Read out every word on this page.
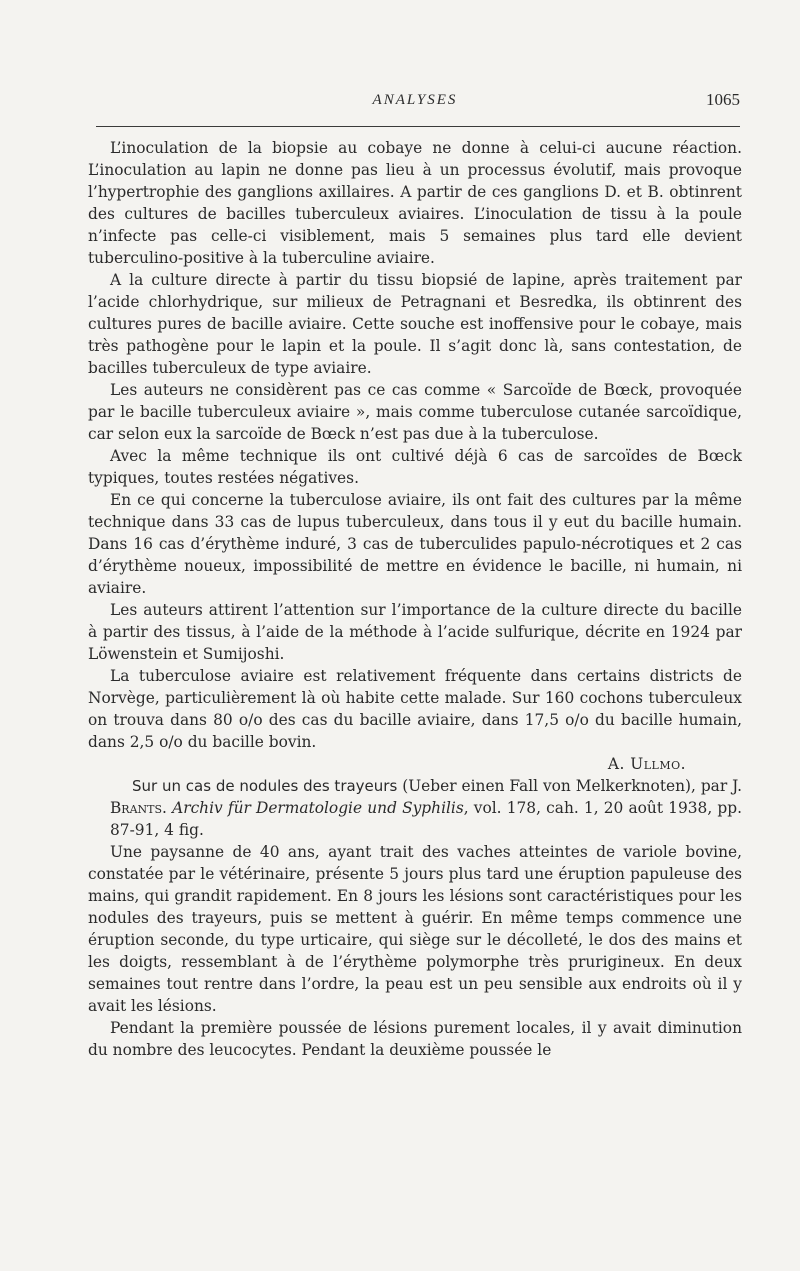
ANALYSES	1065

L’inoculation de la biopsie au cobaye ne donne à celui-ci aucune réaction. L’inoculation au lapin ne donne pas lieu à un processus évolutif, mais provoque l’hypertrophie des ganglions axillaires. A partir de ces ganglions D. et B. obtinrent des cultures de bacilles tuberculeux aviaires. L’inoculation de tissu à la poule n’infecte pas celle-ci visiblement, mais 5 semaines plus tard elle devient tuberculino-positive à la tuberculine aviaire.

A la culture directe à partir du tissu biopsié de lapine, après traitement par l’acide chlorhydrique, sur milieux de Petragnani et Besredka, ils obtinrent des cultures pures de bacille aviaire. Cette souche est inoffensive pour le cobaye, mais très pathogène pour le lapin et la poule. Il s’agit donc là, sans contestation, de bacilles tuberculeux de type aviaire.

Les auteurs ne considèrent pas ce cas comme « Sarcoïde de Bœck, provoquée par le bacille tuberculeux aviaire », mais comme tuberculose cutanée sarcoïdique, car selon eux la sarcoïde de Bœck n’est pas due à la tuberculose.

Avec la même technique ils ont cultivé déjà 6 cas de sarcoïdes de Bœck typiques, toutes restées négatives.

En ce qui concerne la tuberculose aviaire, ils ont fait des cultures par la même technique dans 33 cas de lupus tuberculeux, dans tous il y eut du bacille humain. Dans 16 cas d’érythème induré, 3 cas de tuberculides papulo-nécrotiques et 2 cas d’érythème noueux, impossibilité de mettre en évidence le bacille, ni humain, ni aviaire.

Les auteurs attirent l’attention sur l’importance de la culture directe du bacille à partir des tissus, à l’aide de la méthode à l’acide sulfurique, décrite en 1924 par Löwenstein et Sumijoshi.

La tuberculose aviaire est relativement fréquente dans certains districts de Norvège, particulièrement là où habite cette malade. Sur 160 cochons tuberculeux on trouva dans 80 o/o des cas du bacille aviaire, dans 17,5 o/o du bacille humain, dans 2,5 o/o du bacille bovin.

A. Ullmo.

Sur un cas de nodules des trayeurs (Ueber einen Fall von Melkerknoten), par J. Brants. Archiv für Dermatologie und Syphilis, vol. 178, cah. 1, 20 août 1938, pp. 87-91, 4 fig.

Une paysanne de 40 ans, ayant trait des vaches atteintes de variole bovine, constatée par le vétérinaire, présente 5 jours plus tard une éruption papuleuse des mains, qui grandit rapidement. En 8 jours les lésions sont caractéristiques pour les nodules des trayeurs, puis se mettent à guérir. En même temps commence une éruption seconde, du type urticaire, qui siège sur le décolleté, le dos des mains et les doigts, ressemblant à de l’érythème polymorphe très prurigineux. En deux semaines tout rentre dans l’ordre, la peau est un peu sensible aux endroits où il y avait les lésions.

Pendant la première poussée de lésions purement locales, il y avait diminution du nombre des leucocytes. Pendant la deuxième poussée le
